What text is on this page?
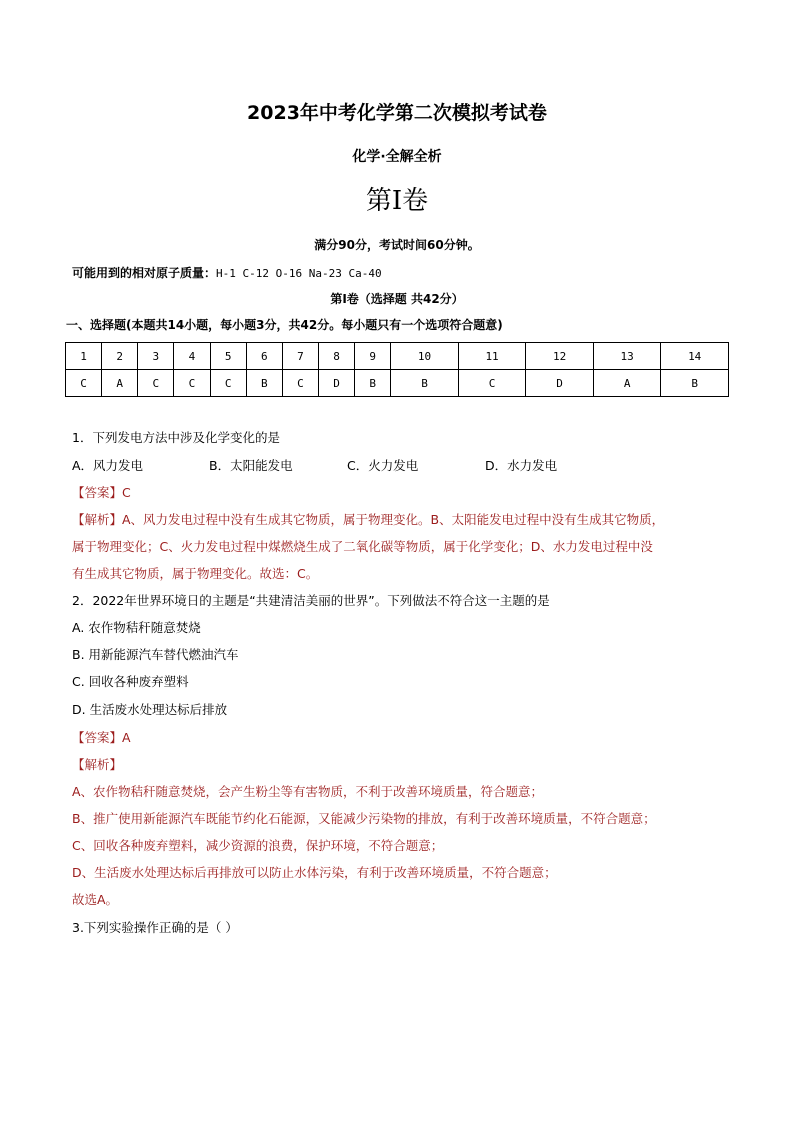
2023年中考化学第二次模拟考试卷
化学·全解全析
第Ⅰ卷
满分90分，考试时间60分钟。
可能用到的相对原子质量：H-1 C-12 O-16 Na-23 Ca-40
第Ⅰ卷（选择题 共42分）
一、选择题(本题共14小题，每小题3分，共42分。每小题只有一个选项符合题意)
1	2	3	4	5	6	7	8	9	10	11	12	13	14
C	A	C	C	C	B	C	D	B	B	C	D	A	B
1．下列发电方法中涉及化学变化的是
A．风力发电	B．太阳能发电	C．火力发电	D．水力发电
【答案】C
【解析】A、风力发电过程中没有生成其它物质，属于物理变化。B、太阳能发电过程中没有生成其它物质，
属于物理变化；C、火力发电过程中煤燃烧生成了二氧化碳等物质，属于化学变化；D、水力发电过程中没
有生成其它物质，属于物理变化。故选：C。
2．2022年世界环境日的主题是“共建清洁美丽的世界”。下列做法不符合这一主题的是
A. 农作物秸秆随意焚烧
B. 用新能源汽车替代燃油汽车
C. 回收各种废弃塑料
D. 生活废水处理达标后排放
【答案】A
【解析】
A、农作物秸秆随意焚烧，会产生粉尘等有害物质，不利于改善环境质量，符合题意；
B、推广使用新能源汽车既能节约化石能源，又能减少污染物的排放，有利于改善环境质量，不符合题意；
C、回收各种废弃塑料，减少资源的浪费，保护环境，不符合题意；
D、生活废水处理达标后再排放可以防止水体污染，有利于改善环境质量，不符合题意；
故选A。
3.下列实验操作正确的是（ ）
